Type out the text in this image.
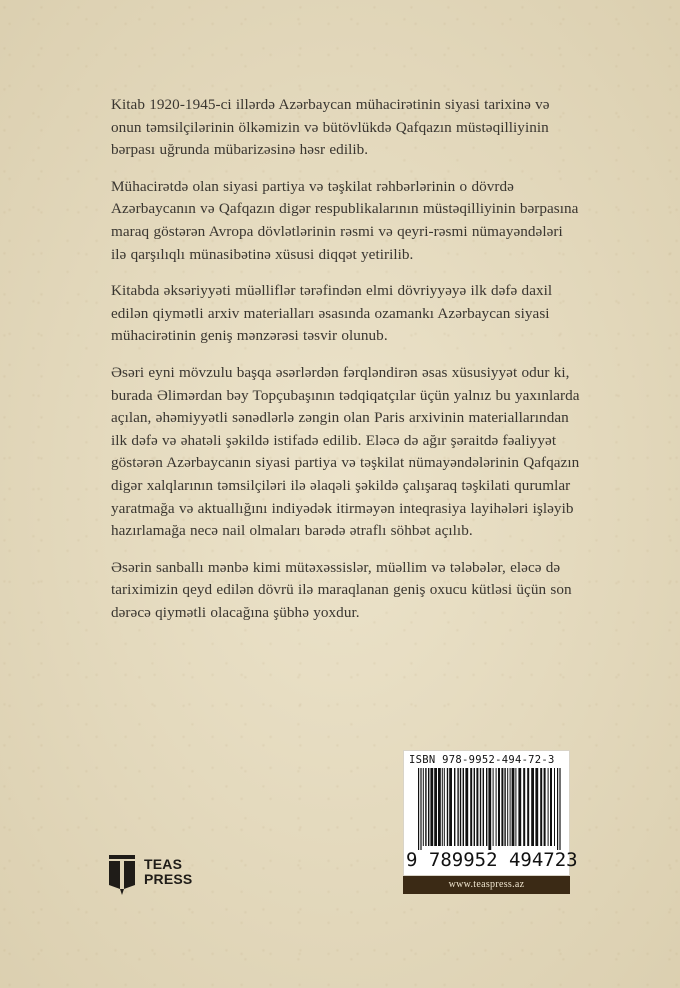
Kitab 1920-1945-ci illərdə Azərbaycan mühacirətinin siyasi tarixinə və onun təmsilçilərinin ölkəmizin və bütövlükdə Qafqazın müstəqilliyinin bərpası uğrunda mübarizəsinə həsr edilib.

Mühacirətdə olan siyasi partiya və təşkilat rəhbərlərinin o dövrdə Azərbaycanın və Qafqazın digər respublikalarının müstəqilliyinin bərpasına maraq göstərən Avropa dövlətlərinin rəsmi və qeyri-rəsmi nümayəndələri ilə qarşılıqlı münasibətinə xüsusi diqqət yetirilib.

Kitabda əksəriyyəti müəlliflər tərəfindən elmi dövriyyəyə ilk dəfə daxil edilən qiymətli arxiv materialları əsasında ozamankı Azərbaycan siyasi mühacirətinin geniş mənzərəsi təsvir olunub.

Əsəri eyni mövzulu başqa əsərlərdən fərqləndirən əsas xüsusiyyət odur ki, burada Əlimərdan bəy Topçubaşının tədqiqatçılar üçün yalnız bu yaxınlarda açılan, əhəmiyyətli sənədlərlə zəngin olan Paris arxivinin materiallarından ilk dəfə və əhatəli şəkildə istifadə edilib. Eləcə də ağır şəraitdə fəaliyyət göstərən Azərbaycanın siyasi partiya və təşkilat nümayəndələrinin Qafqazın digər xalqlarının təmsilçiləri ilə əlaqəli şəkildə çalışaraq təşkilati qurumlar yaratmağa və aktuallığını indiyədək itirməyən inteqrasiya layihələri işləyib hazırlamağa necə nail olmaları barədə ətraflı söhbət açılıb.

Əsərin sanballı mənbə kimi mütəxəssislər, müəllim və tələbələr, eləcə də tariximizin qeyd edilən dövrü ilə maraqlanan geniş oxucu kütləsi üçün son dərəcə qiymətli olacağına şübhə yoxdur.

ISBN 978-9952-494-72-3
9 789952 494723
www.teaspress.az
TEAS
PRESS
